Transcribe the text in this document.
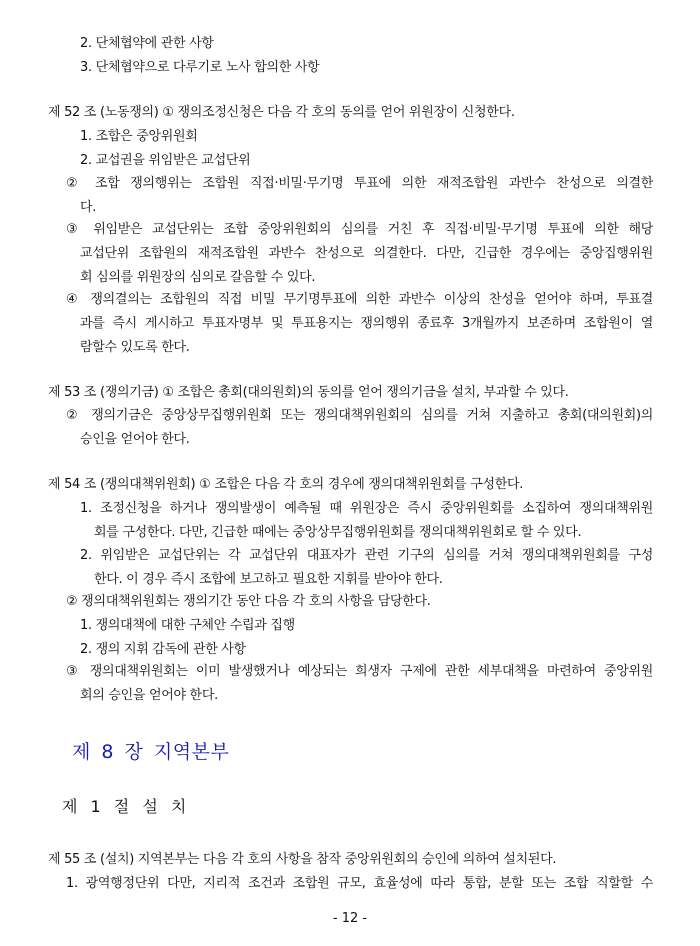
2. 단체협약에 관한 사항
3. 단체협약으로 다루기로 노사 합의한 사항
제 52 조 (노동쟁의) ① 쟁의조정신청은 다음 각 호의 동의를 얻어 위원장이 신청한다.
1. 조합은 중앙위원회
2. 교섭권을 위임받은 교섭단위
② 조합 쟁의행위는 조합원 직접·비밀·무기명 투표에 의한 재적조합원 과반수 찬성으로 의결한
다.
③ 위임받은 교섭단위는 조합 중앙위원회의 심의를 거친 후 직접·비밀·무기명 투표에 의한 해당
교섭단위 조합원의 재적조합원 과반수 찬성으로 의결한다. 다만, 긴급한 경우에는 중앙집행위원
회 심의를 위원장의 심의로 갈음할 수 있다.
④ 쟁의결의는 조합원의 직접 비밀 무기명투표에 의한 과반수 이상의 찬성을 얻어야 하며, 투표결
과를 즉시 게시하고 투표자명부 및 투표용지는 쟁의행위 종료후 3개월까지 보존하며 조합원이 열
람할수 있도록 한다.
제 53 조 (쟁의기금) ① 조합은 총회(대의원회)의 동의를 얻어 쟁의기금을 설치, 부과할 수 있다.
② 쟁의기금은 중앙상무집행위원회 또는 쟁의대책위원회의 심의를 거쳐 지출하고 총회(대의원회)의
승인을 얻어야 한다.
제 54 조 (쟁의대책위원회) ① 조합은 다음 각 호의 경우에 쟁의대책위원회를 구성한다.
1. 조정신청을 하거나 쟁의발생이 예측될 때 위원장은 즉시 중앙위원회를 소집하여 쟁의대책위원
회를 구성한다. 다만, 긴급한 때에는 중앙상무집행위원회를 쟁의대책위원회로 할 수 있다.
2. 위임받은 교섭단위는 각 교섭단위 대표자가 관련 기구의 심의를 거쳐 쟁의대책위원회를 구성
한다. 이 경우 즉시 조합에 보고하고 필요한 지휘를 받아야 한다.
② 쟁의대책위원회는 쟁의기간 동안 다음 각 호의 사항을 담당한다.
1. 쟁의대책에 대한 구체안 수립과 집행
2. 쟁의 지휘 감독에 관한 사항
③ 쟁의대책위원회는 이미 발생했거나 예상되는 희생자 구제에 관한 세부대책을 마련하여 중앙위원
회의 승인을 얻어야 한다.
제 55 조 (설치) 지역본부는 다음 각 호의 사항을 참작 중앙위원회의 승인에 의하여 설치된다.
1. 광역행정단위 다만, 지리적 조건과 조합원 규모, 효율성에 따라 통합, 분할 또는 조합 직할할 수
제 8 장 지역본부
제 1 절 설 치
- 12 -
